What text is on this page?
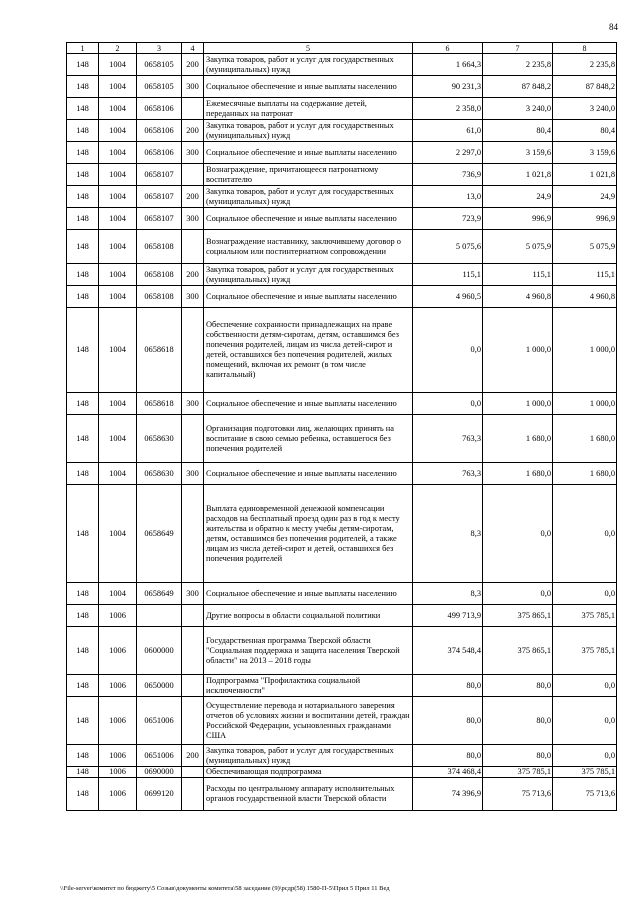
84
1	2	3	4	5	6	7	8
148	1004	0658105	200	Закупка товаров, работ и услуг для государственных (муниципальных) нужд	1 664,3	2 235,8	2 235,8
148	1004	0658105	300	Социальное обеспечение и иные выплаты населению	90 231,3	87 848,2	87 848,2
148	1004	0658106		Ежемесячные выплаты на содержание детей, переданных на патронат	2 358,0	3 240,0	3 240,0
148	1004	0658106	200	Закупка товаров, работ и услуг для государственных (муниципальных) нужд	61,0	80,4	80,4
148	1004	0658106	300	Социальное обеспечение и иные выплаты населению	2 297,0	3 159,6	3 159,6
148	1004	0658107		Вознаграждение, причитающееся патронатному воспитателю	736,9	1 021,8	1 021,8
148	1004	0658107	200	Закупка товаров, работ и услуг для государственных (муниципальных) нужд	13,0	24,9	24,9
148	1004	0658107	300	Социальное обеспечение и иные выплаты населению	723,9	996,9	996,9
148	1004	0658108		Вознаграждение наставнику, заключившему договор о социальном или постинтернатном сопровождении	5 075,6	5 075,9	5 075,9
148	1004	0658108	200	Закупка товаров, работ и услуг для государственных (муниципальных) нужд	115,1	115,1	115,1
148	1004	0658108	300	Социальное обеспечение и иные выплаты населению	4 960,5	4 960,8	4 960,8
148	1004	0658618		Обеспечение сохранности принадлежащих на праве собственности детям-сиротам, детям, оставшимся без попечения родителей, лицам из числа детей-сирот и детей, оставшихся без попечения родителей, жилых помещений, включая их ремонт (в том числе капитальный)	0,0	1 000,0	1 000,0
148	1004	0658618	300	Социальное обеспечение и иные выплаты населению	0,0	1 000,0	1 000,0
148	1004	0658630		Организация подготовки лиц, желающих принять на воспитание в свою семью ребенка, оставшегося без попечения родителей	763,3	1 680,0	1 680,0
148	1004	0658630	300	Социальное обеспечение и иные выплаты населению	763,3	1 680,0	1 680,0
148	1004	0658649		Выплата единовременной денежной компенсации расходов на бесплатный проезд один раз в год к месту жительства и обратно к месту учебы детям-сиротам, детям, оставшимся без попечения родителей, а также лицам из числа детей-сирот и детей, оставшихся без попечения родителей	8,3	0,0	0,0
148	1004	0658649	300	Социальное обеспечение и иные выплаты населению	8,3	0,0	0,0
148	1006			Другие вопросы в области социальной политики	499 713,9	375 865,1	375 785,1
148	1006	0600000		Государственная программа Тверской области "Социальная поддержка и защита населения Тверской области" на 2013 – 2018 годы	374 548,4	375 865,1	375 785,1
148	1006	0650000		Подпрограмма "Профилактика социальной исключенности"	80,0	80,0	0,0
148	1006	0651006		Осуществление перевода и нотариального заверения отчетов об условиях жизни и воспитании детей, граждан Российской Федерации, усыновленных гражданами США	80,0	80,0	0,0
148	1006	0651006	200	Закупка товаров, работ и услуг для государственных (муниципальных) нужд	80,0	80,0	0,0
148	1006	0690000		Обеспечивающая подпрограмма	374 468,4	375 785,1	375 785,1
148	1006	0699120		Расходы по центральному аппарату исполнительных органов государственной власти Тверской области	74 396,9	75 713,6	75 713,6
\\File-server\комитет по бюджету\5 Созыв\документы комитета\58 заседание (9)\рсдр(58) 1580-П-5\Прил 5 Прил 11 Вед
